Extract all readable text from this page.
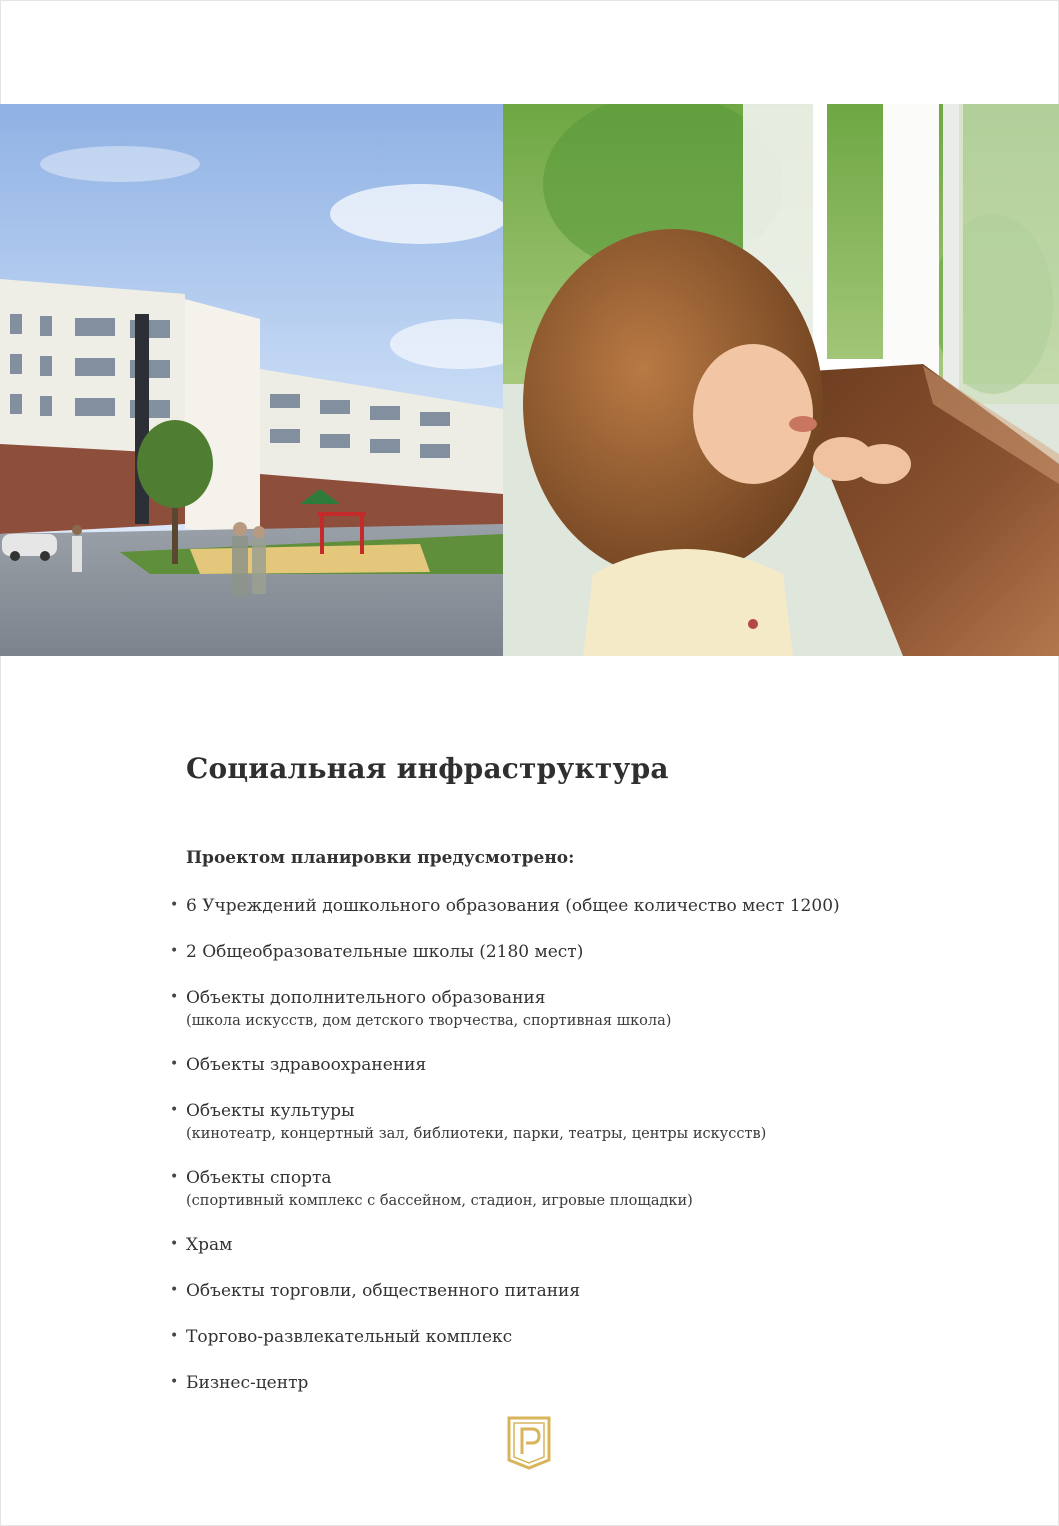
Социальная инфраструктура
Проектом планировки предусмотрено:
• 6 Учреждений дошкольного образования (общее количество мест 1200)
• 2 Общеобразовательные школы (2180 мест)
• Объекты дополнительного образования
(школа искусств, дом детского творчества, спортивная школа)
• Объекты здравоохранения
• Объекты культуры
(кинотеатр, концертный зал, библиотеки, парки, театры, центры искусств)
• Объекты спорта
(спортивный комплекс с бассейном, стадион, игровые площадки)
• Храм
• Объекты торговли, общественного питания
• Торгово-развлекательный комплекс
• Бизнес-центр
